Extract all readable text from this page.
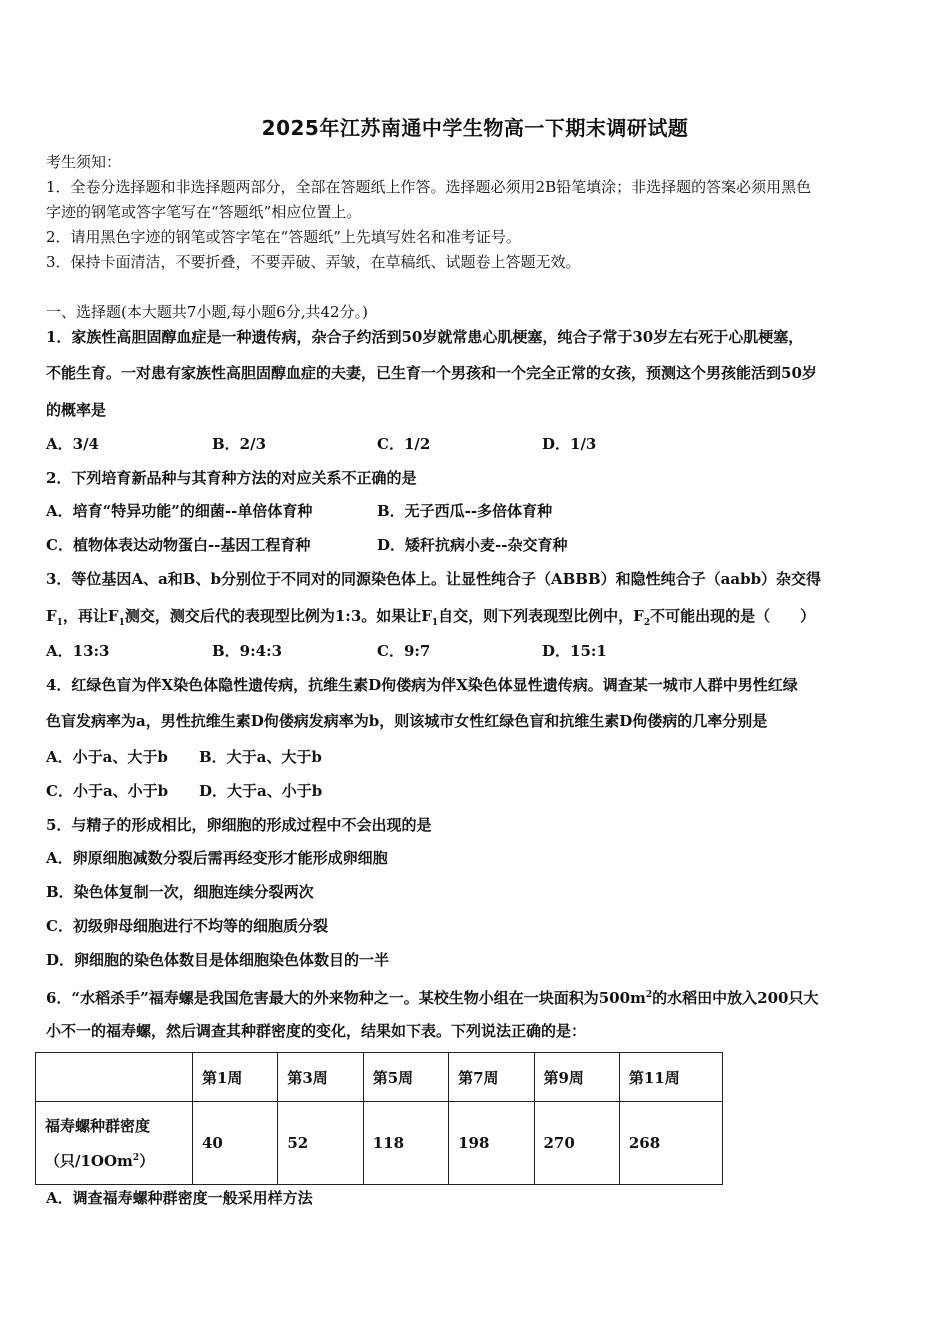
2025年江苏南通中学生物高一下期末调研试题
考生须知：
1．全卷分选择题和非选择题两部分，全部在答题纸上作答。选择题必须用2B铅笔填涂；非选择题的答案必须用黑色
字迹的钢笔或答字笔写在“答题纸”相应位置上。
2．请用黑色字迹的钢笔或答字笔在“答题纸”上先填写姓名和准考证号。
3．保持卡面清洁，不要折叠，不要弄破、弄皱，在草稿纸、试题卷上答题无效。
一、选择题(本大题共7小题,每小题6分,共42分。)
1．家族性高胆固醇血症是一种遗传病，杂合子约活到50岁就常患心肌梗塞，纯合子常于30岁左右死于心肌梗塞，
不能生育。一对患有家族性高胆固醇血症的夫妻，已生育一个男孩和一个完全正常的女孩，预测这个男孩能活到50岁
的概率是
A．3/4	B．2/3	C．1/2	D．1/3
2．下列培育新品种与其育种方法的对应关系不正确的是
A．培育“特异功能”的细菌--单倍体育种	B．无子西瓜--多倍体育种
C．植物体表达动物蛋白--基因工程育种	D．矮秆抗病小麦--杂交育种
3．等位基因A、a和B、b分别位于不同对的同源染色体上。让显性纯合子（ABBB）和隐性纯合子（aabb）杂交得
$F_1$，再让$F_1$测交，测交后代的表现型比例为1:3。如果让$F_1$自交，则下列表现型比例中，$F_2$不可能出现的是（　　）
A．13:3	B．9:4:3	C．9:7	D．15:1
4．红绿色盲为伴X染色体隐性遗传病，抗维生素D佝偻病为伴X染色体显性遗传病。调查某一城市人群中男性红绿
色盲发病率为a，男性抗维生素D佝偻病发病率为b，则该城市女性红绿色盲和抗维生素D佝偻病的几率分别是
A．小于a、大于b B．大于a、大于b
C．小于a、小于b D．大于a、小于b
5．与精子的形成相比，卵细胞的形成过程中不会出现的是
A．卵原细胞减数分裂后需再经变形才能形成卵细胞
B．染色体复制一次，细胞连续分裂两次
C．初级卵母细胞进行不均等的细胞质分裂
D．卵细胞的染色体数目是体细胞染色体数目的一半
6．“水稻杀手”福寿螺是我国危害最大的外来物种之一。某校生物小组在一块面积为$500m^2$的水稻田中放入200只大
小不一的福寿螺，然后调查其种群密度的变化，结果如下表。下列说法正确的是：
	第1周	第3周	第5周	第7周	第9周	第11周

福寿螺种群密度
（只/1OOm$^2$）	40	52	118	198	270	268
A．调查福寿螺种群密度一般采用样方法
